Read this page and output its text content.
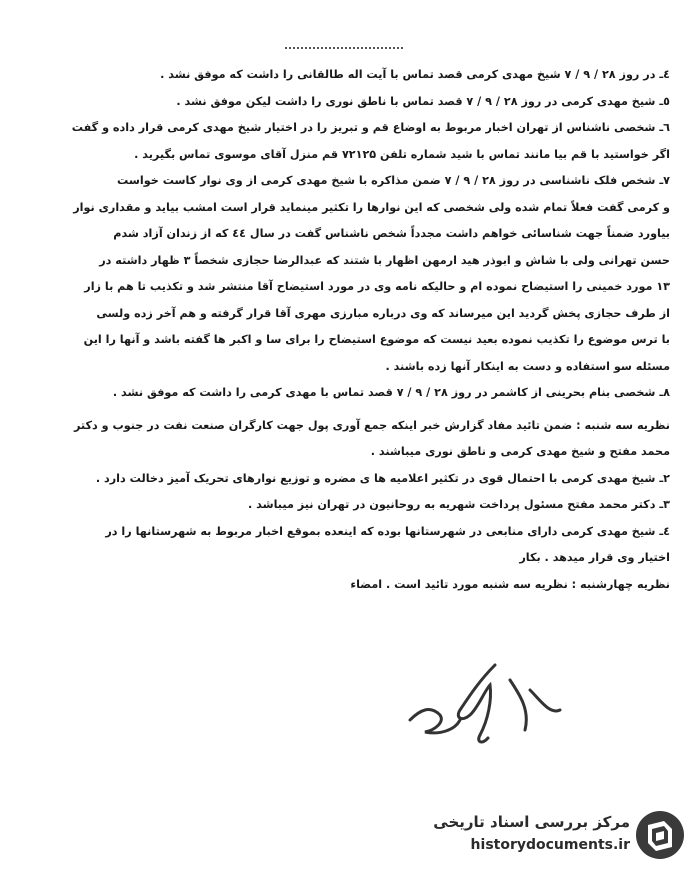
٤ـ در روز ۲۸ / ۹ / ۷ شیخ مهدی کرمی قصد تماس با آیت اله طالقانی را داشت که موفق نشد .
٥ـ شیخ مهدی کرمی در روز ۲۸ / ۹ / ۷ قصد تماس با ناطق نوری را داشت لیکن موفق نشد .
٦ـ شخصی ناشناس از تهران اخبار مربوط به اوضاع قم و تبریز را در اختیار شیخ مهدی کرمی قرار داده و گفت
اگر خواستید با قم بیا مانند تماس با شید شماره تلفن ۷۲۱۲۵ قم منزل آقای موسوی تماس بگیرید .
۷ـ شخص فلک ناشناسی در روز ۲۸ / ۹ / ۷ ضمن مذاکره با شیخ مهدی کرمی از وی نوار کاست خواست
و کرمی گفت فعلاً تمام شده ولی شخصی که این نوارها را تکثیر مینماید قرار است امشب بیاید و مقداری نوار
بیاورد ضمناً جهت شناسائی خواهم داشت مجدداً شخص ناشناس گفت در سال ٤٤ که از زندان آزاد شدم
حسن تهرانی ولی با شاش و ابوذر هید ارمهن اظهار با شتند که عبدالرضا حجازی شخصاً ۳ ظهار داشته در
۱۳ مورد خمینی را استیضاح نموده ام و حالیکه نامه وی در مورد استیضاح آقا منتشر شد و تکذیب تا هم با زار
از طرف حجازی پخش گردید این میرساند که وی درباره مبارزی مهری آقا قرار گرفته و هم آخر زده ولسی
با ترس موضوع را تکذیب نموده بعید نیست که موضوع استیضاح را برای سا و اکبر ها گفته باشد و آنها را این
مسئله سو استفاده و دست به اینکار آنها زده باشند .
۸ـ شخصی بنام بحرینی از کاشمر در روز ۲۸ / ۹ / ۷ قصد تماس با مهدی کرمی را داشت که موفق نشد .
نظریه سه شنبه : ضمن تائید مفاد گزارش خبر اینکه جمع آوری پول جهت کارگران صنعت نفت در جنوب و دکتر
محمد مفتح و شیخ مهدی کرمی و ناطق نوری میباشند .
۲ـ شیخ مهدی کرمی با احتمال قوی در تکثیر اعلامیه ها ی مضره و توزیع نوارهای تحریک آمیز دخالت دارد .
۳ـ دکتر محمد مفتح مسئول پرداخت شهریه به روحانیون در تهران نیز میباشد .
٤ـ شیخ مهدی کرمی دارای منابعی در شهرستانها بوده که اینعده بموقع اخبار مربوط به شهرستانها را در
اختیار وی قرار میدهد . بکار
نظریه چهارشنبه : نظریه سه شنبه مورد تائید است . امضاء
مرکز بررسی اسناد تاریخی
historydocuments.ir
